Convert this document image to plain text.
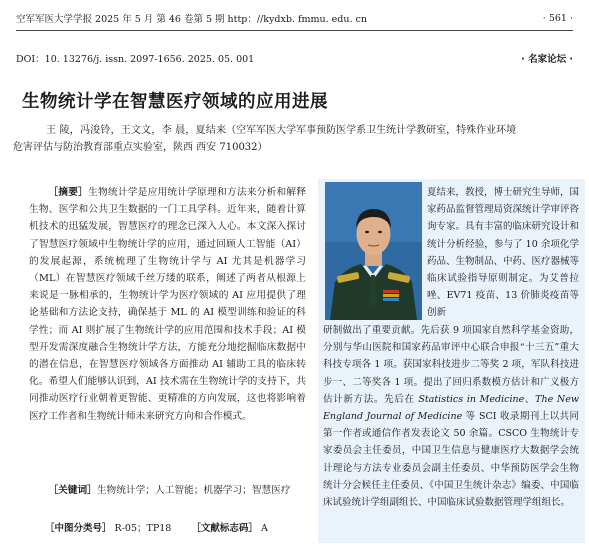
空军军医大学学报 2025 年 5 月 第 46 卷第 5 期 http：//kydxb. fmmu. edu. cn	· 561 ·
DOI：10. 13276/j. issn. 2097-1656. 2025. 05. 001	· 名家论坛 ·
生物统计学在智慧医疗领域的应用进展
王 陵，冯浚铃，王文文，李 晨，夏结来（空军军医大学军事预防医学系卫生统计学教研室，特殊作业环境
危害评估与防治教育部重点实验室，陕西 西安 710032）
［摘要］生物统计学是应用统计学原理和方法来分析和解释生物、医学和公共卫生数据的一门工具学科。近年来，随着计算机技术的迅猛发展，智慧医疗的理念已深入人心。本文深入探讨了智慧医疗领域中生物统计学的应用，通过回顾人工智能（AI）的发展起源，系统梳理了生物统计学与 AI 尤其是机器学习（ML）在智慧医疗领域千丝万缕的联系，阐述了两者从根源上来说是一脉相承的，生物统计学为医疗领域的 AI 应用提供了理论基础和方法论支持，确保基于 ML 的 AI 模型训练和验证的科学性；而 AI 则扩展了生物统计学的应用范围和技术手段；AI 模型开发需深度融合生物统计学方法，方能充分地挖掘临床数据中的潜在信息，在智慧医疗领域各方面推动 AI 辅助工具的临床转化。希望人们能够认识到，AI 技术需在生物统计学的支持下，共同推动医疗行业朝着更智能、更精准的方向发展，这也将影响着医疗工作者和生物统计师未来研究方向和合作模式。
［关键词］生物统计学；人工智能；机器学习；智慧医疗
［中图分类号］ R-05；TP18 ［文献标志码］ A
夏结来，教授，博士研究生导师，国家药品监督管理局资深统计学审评咨询专家。具有丰富的临床研究设计和统计分析经验，参与了 10 余项化学药品、生物制品、中药、医疗器械等临床试验指导原则制定。为艾普拉唑、EV71 疫苗、13 价肺炎疫苗等创新
研制做出了重要贡献。先后获 9 项国家自然科学基金资助，分别与华山医院和国家药品审评中心联合申报“十三五”重大科技专项各 1 项。获国家科技进步二等奖 2 项，军队科技进步一、二等奖各 1 项。提出了回归系数模方估计和广义极方估计新方法。先后在 Statistics in Medicine、The New England Journal of Medicine 等 SCI 收录期刊上以共同第一作者或通信作者发表论文 50 余篇。CSCO 生物统计专家委员会主任委员，中国卫生信息与健康医疗大数据学会统计理论与方法专业委员会副主任委员、中华预防医学会生物统计分会候任主任委员、《中国卫生统计杂志》编委、中国临床试验统计学组副组长、中国临床试验数据管理学组组长。
